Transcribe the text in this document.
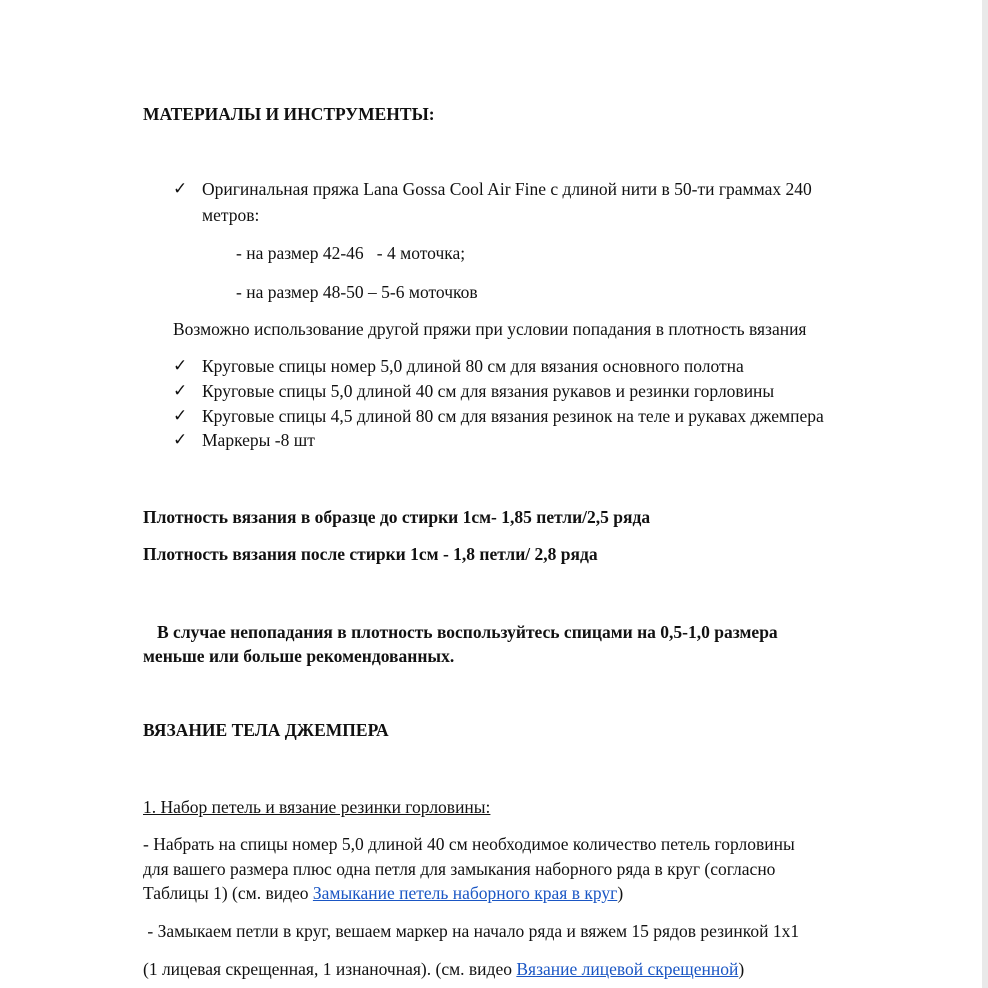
МАТЕРИАЛЫ И ИНСТРУМЕНТЫ:
✓ Оригинальная пряжа Lana Gossa Cool Air Fine с длиной нити в 50-ти граммах 240
метров:
- на размер 42-46   - 4 моточка;
- на размер 48-50 – 5-6 моточков
Возможно использование другой пряжи при условии попадания в плотность вязания
✓ Круговые спицы номер 5,0 длиной 80 см для вязания основного полотна
✓ Круговые спицы 5,0 длиной 40 см для вязания рукавов и резинки горловины
✓ Круговые спицы 4,5 длиной 80 см для вязания резинок на теле и рукавах джемпера
✓ Маркеры -8 шт
Плотность вязания в образце до стирки 1см- 1,85 петли/2,5 ряда
Плотность вязания после стирки 1см - 1,8 петли/ 2,8 ряда
В случае непопадания в плотность воспользуйтесь спицами на 0,5-1,0 размера
меньше или больше рекомендованных.
ВЯЗАНИЕ ТЕЛА ДЖЕМПЕРА
1. Набор петель и вязание резинки горловины:
- Набрать на спицы номер 5,0 длиной 40 см необходимое количество петель горловины
для вашего размера плюс одна петля для замыкания наборного ряда в круг (согласно
Таблицы 1) (см. видео Замыкание петель наборного края в круг)
- Замыкаем петли в круг, вешаем маркер на начало ряда и вяжем 15 рядов резинкой 1х1
(1 лицевая скрещенная, 1 изнаночная). (см. видео Вязание лицевой скрещенной)
